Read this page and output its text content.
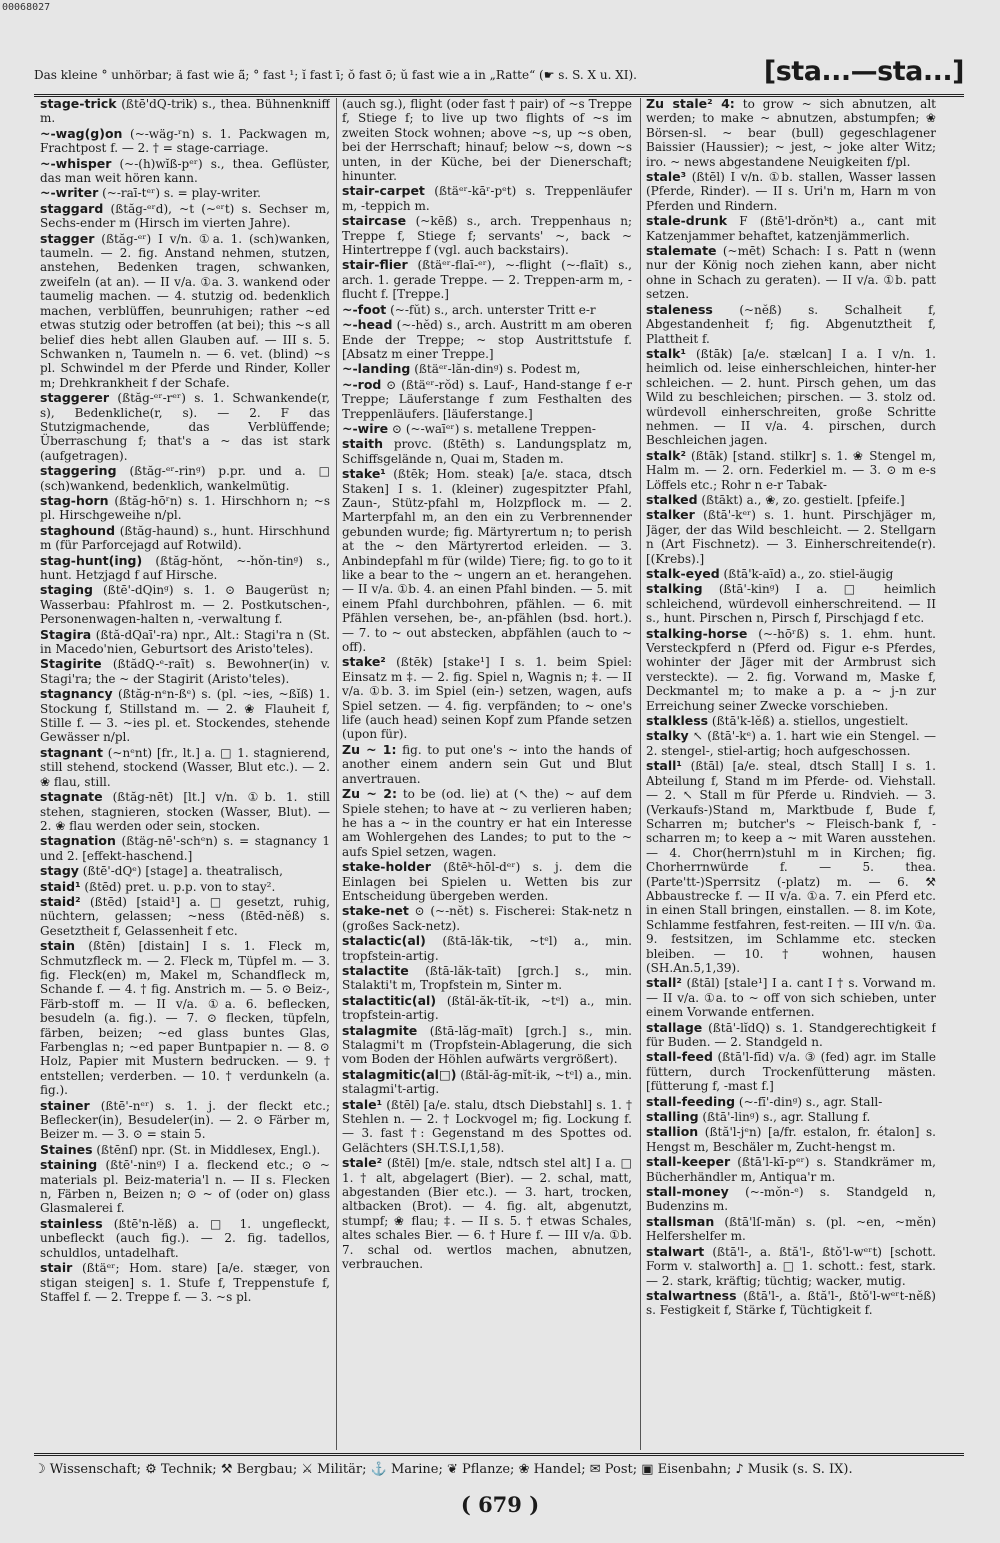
00068027
Das kleine ° unhörbar; ä fast wie ä̈; ° fast ¹; ĭ fast ī; ŏ fast ō; ŭ fast wie a in „Ratte“ (☛ s. S. X u. XI).	[sta...—sta...]

stage-trick (ßtē'dQ-trik) s., thea. Bühnenkniff m.

~-wag(g)on (~-wäg-ʳn) s. 1. Packwagen m, Frachtpost f. — 2. † = stage-carriage.

~-whisper (~-(h)wĭß-pᵉʳ) s., thea. Geflüster, das man weit hören kann.

~-writer (~-raī-tᵉʳ) s. = play-writer.

staggard (ßtăg-ᵉʳd), ~t (~ᵉʳt) s. Sechser m, Sechs-ender m (Hirsch im vierten Jahre).

stagger (ßtăg-ᵉʳ) I v/n. ①a. 1. (sch)wanken, taumeln. — 2. fig. Anstand nehmen, stutzen, anstehen, Bedenken tragen, schwanken, zweifeln (at an). — II v/a. ①a. 3. wankend oder taumelig machen. — 4. stutzig od. bedenklich machen, verblüffen, beunruhigen; rather ~ed etwas stutzig oder betroffen (at bei); this ~s all belief dies hebt allen Glauben auf. — III s. 5. Schwanken n, Taumeln n. — 6. vet. (blind) ~s pl. Schwindel m der Pferde und Rinder, Koller m; Drehkrankheit f der Schafe.

staggerer (ßtăg-ᵉʳ-rᵉʳ) s. 1. Schwankende(r, s), Bedenkliche(r, s). — 2. F das Stutzigmachende, das Verblüffende; Überraschung f; that's a ~ das ist stark (aufgetragen).

staggering (ßtăg-ᵉʳ-rinᵍ) p.pr. und a. □ (sch)wankend, bedenklich, wankelmütig.

stag-horn (ßtăg-hōʳn) s. 1. Hirschhorn n; ~s pl. Hirschgeweihe n/pl.

staghound (ßtăg-haund) s., hunt. Hirschhund m (für Parforcejagd auf Rotwild).

stag-hunt(ing) (ßtăg-hŏnt, ~-hŏn-tinᵍ) s., hunt. Hetzjagd f auf Hirsche.

staging (ßtē'-dQinᵍ) s. 1. ⊙ Baugerüst n; Wasserbau: Pfahlrost m. — 2. Postkutschen-, Personenwagen-halten n, -verwaltung f.

Stagira (ßtă-dQaī'-ra) npr., Alt.: Stagi'ra n (St. in Macedo'nien, Geburtsort des Aristo'teles).

Stagirite (ßtădQ-ᵉ-raīt) s. Bewohner(in) v. Stagi'ra; the ~ der Stagirit (Aristo'teles).

stagnancy (ßtăg-nᵉn-ßᵉ) s. (pl. ~ies, ~ßĭß) 1. Stockung f, Stillstand m. — 2. ❀ Flauheit f, Stille f. — 3. ~ies pl. et. Stockendes, stehende Gewässer n/pl.

stagnant (~nᵉnt) [fr., lt.] a. □ 1. stagnierend, still stehend, stockend (Wasser, Blut etc.). — 2. ❀ flau, still.

stagnate (ßtăg-nēt) [lt.] v/n. ①b. 1. still stehen, stagnieren, stocken (Wasser, Blut). — 2. ❀ flau werden oder sein, stocken.

stagnation (ßtäg-nē'-schᵉn) s. = stagnancy 1 und 2. [effekt-haschend.]

stagy (ßtē'-dQᵉ) [stage] a. theatralisch,

staid¹ (ßtēd) pret. u. p.p. von to stay².

staid² (ßtēd) [staid¹] a. □ gesetzt, ruhig, nüchtern, gelassen; ~ness (ßtēd-nĕß) s. Gesetztheit f, Gelassenheit f etc.

stain (ßtēn) [distain] I s. 1. Fleck m, Schmutzfleck m. — 2. Fleck m, Tüpfel m. — 3. fig. Fleck(en) m, Makel m, Schandfleck m, Schande f. — 4. † fig. Anstrich m. — 5. ⊙ Beiz-, Färb-stoff m. — II v/a. ①a. 6. beflecken, besudeln (a. fig.). — 7. ⊙ flecken, tüpfeln, färben, beizen; ~ed glass buntes Glas, Farbenglas n; ~ed paper Buntpapier n. — 8. ⊙ Holz, Papier mit Mustern bedrucken. — 9. † entstellen; verderben. — 10. † verdunkeln (a. fig.).

stainer (ßtē'-nᵉʳ) s. 1. j. der fleckt etc.; Beflecker(in), Besudeler(in). — 2. ⊙ Färber m, Beizer m. — 3. ⊙ = stain 5.

Staines (ßtēnſ) npr. (St. in Middlesex, Engl.).

staining (ßtē'-ninᵍ) I a. fleckend etc.; ⊙ ~ materials pl. Beiz-materia'l n. — II s. Flecken n, Färben n, Beizen n; ⊙ ~ of (oder on) glass Glasmalerei f.

stainless (ßtē'n-lĕß) a. □ 1. ungefleckt, unbefleckt (auch fig.). — 2. fig. tadellos, schuldlos, untadelhaft.

stair (ßtäᵉʳ; Hom. stare) [a/e. stæger, von stigan steigen] s. 1. Stufe f, Treppenstufe f, Staffel f. — 2. Treppe f. — 3. ~s pl.

(auch sg.), flight (oder fast † pair) of ~s Treppe f, Stiege f; to live up two flights of ~s im zweiten Stock wohnen; above ~s, up ~s oben, bei der Herrschaft; hinauf; below ~s, down ~s unten, in der Küche, bei der Dienerschaft; hinunter.

stair-carpet (ßtäᵉʳ-kāʳ-pᵉt) s. Treppenläufer m, -teppich m.

staircase (~kēß) s., arch. Treppenhaus n; Treppe f, Stiege f; servants' ~, back ~ Hintertreppe f (vgl. auch backstairs).

stair-flier (ßtäᵉʳ-flaī-ᵉʳ), ~-flight (~-flaīt) s., arch. 1. gerade Treppe. — 2. Treppen-arm m, -flucht f. [Treppe.]

~-foot (~-fŭt) s., arch. unterster Tritt e-r

~-head (~-hĕd) s., arch. Austritt m am oberen Ende der Treppe; ~ stop Austrittstufe f. [Absatz m einer Treppe.]

~-landing (ßtäᵉʳ-lăn-dinᵍ) s. Podest m,

~-rod ⊙ (ßtäᵉʳ-rŏd) s. Lauf-, Hand-stange f e-r Treppe; Läuferstange f zum Festhalten des Treppenläufers. [läuferstange.]

~-wire ⊙ (~-waīᵉʳ) s. metallene Treppen-

staith provc. (ßtēth) s. Landungsplatz m, Schiffsgelände n, Quai m, Staden m.

stake¹ (ßtēk; Hom. steak) [a/e. staca, dtsch Staken] I s. 1. (kleiner) zugespitzter Pfahl, Zaun-, Stütz-pfahl m, Holzpflock m. — 2. Marterpfahl m, an den ein zu Verbrennender gebunden wurde; fig. Märtyrertum n; to perish at the ~ den Märtyrertod erleiden. — 3. Anbindepfahl m für (wilde) Tiere; fig. to go to it like a bear to the ~ ungern an et. herangehen. — II v/a. ①b. 4. an einen Pfahl binden. — 5. mit einem Pfahl durchbohren, pfählen. — 6. mit Pfählen versehen, be-, an-pfählen (bsd. hort.). — 7. to ~ out abstecken, abpfählen (auch to ~ off).

stake² (ßtēk) [stake¹] I s. 1. beim Spiel: Einsatz m ‡. — 2. fig. Spiel n, Wagnis n; ‡. — II v/a. ①b. 3. im Spiel (ein-) setzen, wagen, aufs Spiel setzen. — 4. fig. verpfänden; to ~ one's life (auch head) seinen Kopf zum Pfande setzen (upon für).

Zu ~ 1: fig. to put one's ~ into the hands of another einem andern sein Gut und Blut anvertrauen.

Zu ~ 2: to be (od. lie) at (↖ the) ~ auf dem Spiele stehen; to have at ~ zu verlieren haben; he has a ~ in the country er hat ein Interesse am Wohlergehen des Landes; to put to the ~ aufs Spiel setzen, wagen.

stake-holder (ßtēᵏ-hōl-dᵉʳ) s. j. dem die Einlagen bei Spielen u. Wetten bis zur Entscheidung übergeben werden.

stake-net ⊙ (~-nĕt) s. Fischerei: Stak-netz n (großes Sack-netz).

stalactic(al) (ßtā-lăk-tik, ~tᵉl) a., min. tropfstein-artig.

stalactite (ßtā-lăk-taīt) [grch.] s., min. Stalakti't m, Tropfstein m, Sinter m.

stalactitic(al) (ßtăl-ăk-tĭt-ik, ~tᵉl) a., min. tropfstein-artig.

stalagmite (ßtā-lăg-maīt) [grch.] s., min. Stalagmi't m (Tropfstein-Ablagerung, die sich vom Boden der Höhlen aufwärts vergrößert).

stalagmitic(al□) (ßtăl-ăg-mĭt-ik, ~tᵉl) a., min. stalagmi't-artig.

stale¹ (ßtēl) [a/e. stalu, dtsch Diebstahl] s. 1. † Stehlen n. — 2. † Lockvogel m; fig. Lockung f. — 3. fast †: Gegenstand m des Spottes od. Gelächters (SH.T.S.I,1,58).

stale² (ßtēl) [m/e. stale, ndtsch stel alt] I a. □ 1. † alt, abgelagert (Bier). — 2. schal, matt, abgestanden (Bier etc.). — 3. hart, trocken, altbacken (Brot). — 4. fig. alt, abgenutzt, stumpf; ❀ flau; ‡. — II s. 5. † etwas Schales, altes schales Bier. — 6. † Hure f. — III v/a. ①b. 7. schal od. wertlos machen, abnutzen, verbrauchen.

Zu stale² 4: to grow ~ sich abnutzen, alt werden; to make ~ abnutzen, abstumpfen; ❀ Börsen-sl. ~ bear (bull) gegeschlagener Baissier (Haussier); ~ jest, ~ joke alter Witz; iro. ~ news abgestandene Neuigkeiten f/pl.

stale³ (ßtēl) I v/n. ①b. stallen, Wasser lassen (Pferde, Rinder). — II s. Uri'n m, Harn m von Pferden und Rindern.

stale-drunk F (ßtē'l-drŏnᵏt) a., cant mit Katzenjammer behaftet, katzenjämmerlich.

stalemate (~mēt) Schach: I s. Patt n (wenn nur der König noch ziehen kann, aber nicht ohne in Schach zu geraten). — II v/a. ①b. patt setzen.

staleness (~nĕß) s. Schalheit f, Abgestandenheit f; fig. Abgenutztheit f, Plattheit f.

stalk¹ (ßtāk) [a/e. stælcan] I a. I v/n. 1. heimlich od. leise einherschleichen, hinter-her schleichen. — 2. hunt. Pirsch gehen, um das Wild zu beschleichen; pirschen. — 3. stolz od. würdevoll einherschreiten, große Schritte nehmen. — II v/a. 4. pirschen, durch Beschleichen jagen.

stalk² (ßtāk) [stand. stilkr] s. 1. ❀ Stengel m, Halm m. — 2. orn. Federkiel m. — 3. ⊙ m e-s Löffels etc.; Rohr n e-r Tabak-

stalked (ßtākt) a., ❀, zo. gestielt. [pfeife.]

stalker (ßtā'-kᵉʳ) s. 1. hunt. Pirschjäger m, Jäger, der das Wild beschleicht. — 2. Stellgarn n (Art Fischnetz). — 3. Einherschreitende(r). [(Krebs).]

stalk-eyed (ßtā'k-aīd) a., zo. stiel-äugig

stalking (ßtā'-kinᵍ) I a. □ heimlich schleichend, würdevoll einherschreitend. — II s., hunt. Pirschen n, Pirsch f, Pirschjagd f etc.

stalking-horse (~-hōʳß) s. 1. ehm. hunt. Versteckpferd n (Pferd od. Figur e-s Pferdes, wohinter der Jäger mit der Armbrust sich versteckte). — 2. fig. Vorwand m, Maske f, Deckmantel m; to make a p. a ~ j-n zur Erreichung seiner Zwecke vorschieben.

stalkless (ßtā'k-lĕß) a. stiellos, ungestielt.

stalky ↖ (ßtā'-kᵉ) a. 1. hart wie ein Stengel. — 2. stengel-, stiel-artig; hoch aufgeschossen.

stall¹ (ßtāl) [a/e. steal, dtsch Stall] I s. 1. Abteilung f, Stand m im Pferde- od. Viehstall. — 2. ↖ Stall m für Pferde u. Rindvieh. — 3. (Verkaufs-)Stand m, Marktbude f, Bude f, Scharren m; butcher's ~ Fleisch-bank f, -scharren m; to keep a ~ mit Waren ausstehen. — 4. Chor(herrn)stuhl m in Kirchen; fig. Chorherrnwürde f. — 5. thea. (Parte'tt-)Sperrsitz (-platz) m. — 6. ⚒ Abbaustrecke f. — II v/a. ①a. 7. ein Pferd etc. in einen Stall bringen, einstallen. — 8. im Kote, Schlamme festfahren, fest-reiten. — III v/n. ①a. 9. festsitzen, im Schlamme etc. stecken bleiben. — 10. † wohnen, hausen (SH.An.5,1,39).

stall² (ßtāl) [stale¹] I a. cant I † s. Vorwand m. — II v/a. ①a. to ~ off von sich schieben, unter einem Vorwande entfernen.

stallage (ßtā'-lĭdQ) s. 1. Standgerechtigkeit f für Buden. — 2. Standgeld n.

stall-feed (ßtā'l-fīd) v/a. ③ (fed) agr. im Stalle füttern, durch Trockenfütterung mästen. [fütterung f, -mast f.]

stall-feeding (~-fī'-dinᵍ) s., agr. Stall-

stalling (ßtā'-linᵍ) s., agr. Stallung f.

stallion (ßtă'l-jᵉn) [a/fr. estalon, fr. étalon] s. Hengst m, Beschäler m, Zucht-hengst m.

stall-keeper (ßtā'l-kī-pᵉʳ) s. Standkrämer m, Bücherhändler m, Antiqua'r m.

stall-money (~-mŏn-ᵉ) s. Standgeld n, Budenzins m.

stallsman (ßtā'lſ-măn) s. (pl. ~en, ~mĕn) Helfershelfer m.

stalwart (ßtā'l-, a. ßtă'l-, ßtŏ'l-wᵉʳt) [schott. Form v. stalworth] a. □ 1. schott.: fest, stark. — 2. stark, kräftig; tüchtig; wacker, mutig.

stalwartness (ßtā'l-, a. ßtă'l-, ßtŏ'l-wᵉʳt-nĕß) s. Festigkeit f, Stärke f, Tüchtigkeit f.

☽ Wissenschaft; ⚙ Technik; ⚒ Bergbau; ⚔ Militär; ⚓ Marine; ❦ Pflanze; ❀ Handel; ✉ Post; ▣ Eisenbahn; ♪ Musik (s. S. IX).
( 679 )
